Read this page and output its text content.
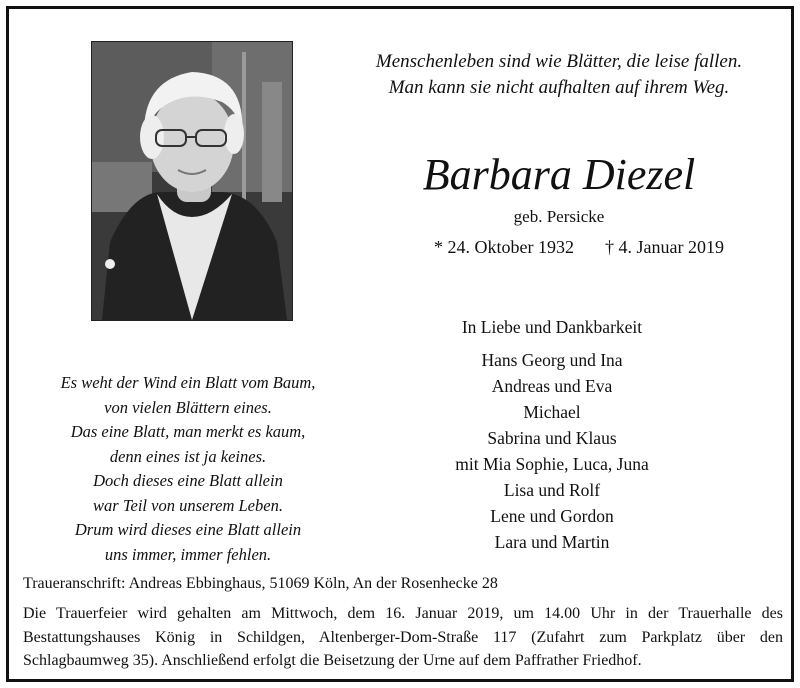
Menschenleben sind wie Blätter, die leise fallen.
Man kann sie nicht aufhalten auf ihrem Weg.
Barbara Diezel
geb. Persicke
* 24. Oktober 1932 † 4. Januar 2019
Es weht der Wind ein Blatt vom Baum,
von vielen Blättern eines.
Das eine Blatt, man merkt es kaum,
denn eines ist ja keines.
Doch dieses eine Blatt allein
war Teil von unserem Leben.
Drum wird dieses eine Blatt allein
uns immer, immer fehlen.
In Liebe und Dankbarkeit
Hans Georg und Ina
Andreas und Eva
Michael
Sabrina und Klaus
mit Mia Sophie, Luca, Juna
Lisa und Rolf
Lene und Gordon
Lara und Martin
Traueranschrift: Andreas Ebbinghaus, 51069 Köln, An der Rosenhecke 28
Die Trauerfeier wird gehalten am Mittwoch, dem 16. Januar 2019, um 14.00 Uhr in der Trauerhalle des
Bestattungshauses König in Schildgen, Altenberger-Dom-Straße 117 (Zufahrt zum Parkplatz über den
Schlagbaumweg 35). Anschließend erfolgt die Beisetzung der Urne auf dem Paffrather Friedhof.
